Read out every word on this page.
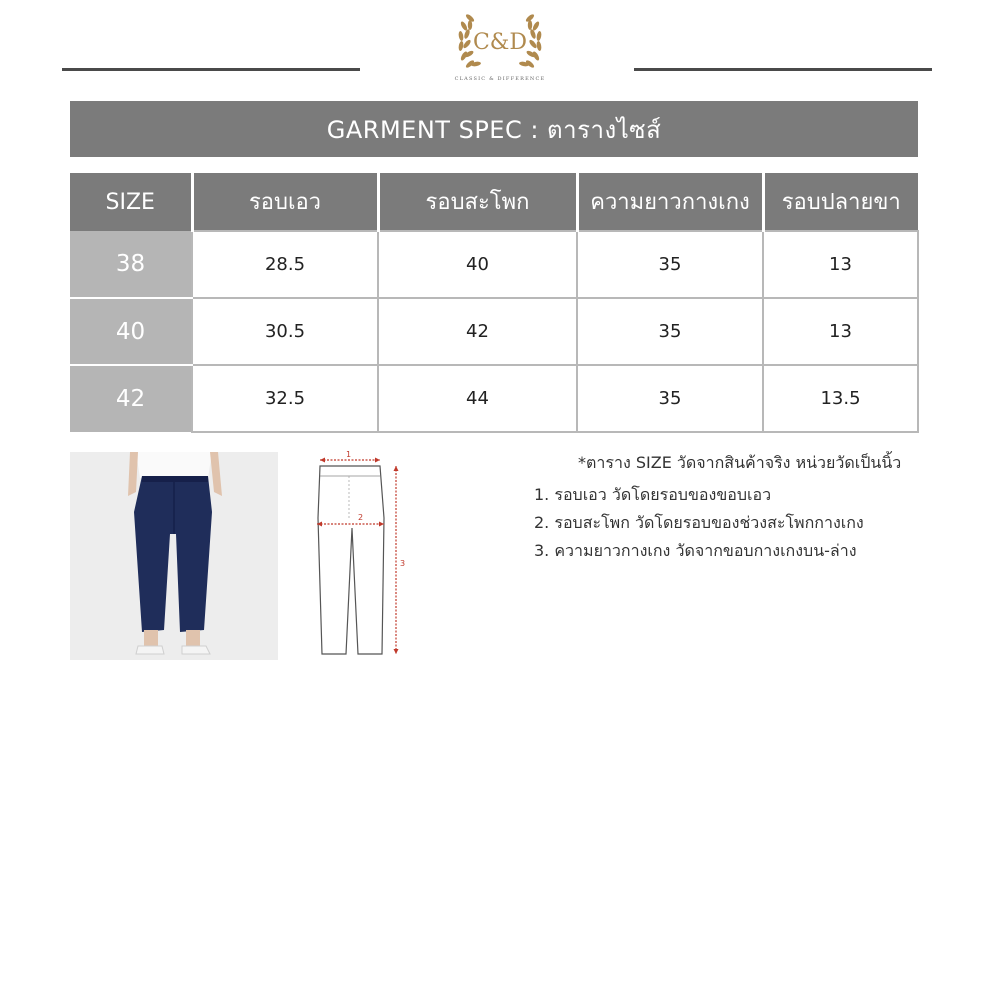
C&D
CLASSIC & DIFFERENCE
GARMENT SPEC : ตารางไซส์
SIZE	รอบเอว	รอบสะโพก	ความยาวกางเกง	รอบปลายขา
38	28.5	40	35	13
40	30.5	42	35	13
42	32.5	44	35	13.5
1
2
3
*ตาราง SIZE วัดจากสินค้าจริง หน่วยวัดเป็นนิ้ว
1. รอบเอว วัดโดยรอบของขอบเอว
2. รอบสะโพก วัดโดยรอบของช่วงสะโพกกางเกง
3. ความยาวกางเกง วัดจากขอบกางเกงบน-ล่าง
